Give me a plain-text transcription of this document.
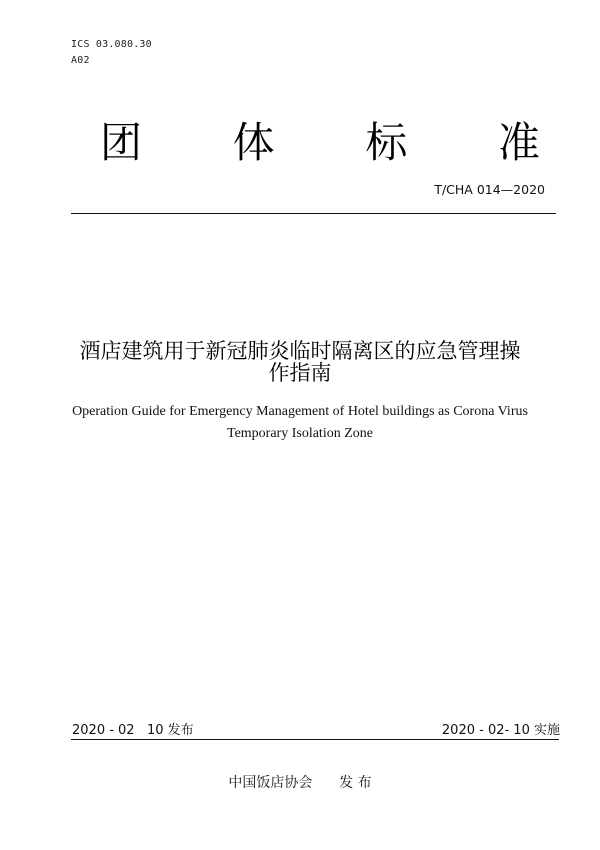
ICS 03.080.30
A02
团 体 标 准
T/CHA 014—2020
酒店建筑用于新冠肺炎临时隔离区的应急管理操
作指南
Operation Guide for Emergency Management of Hotel buildings as Corona Virus
Temporary Isolation Zone
2020 - 02   10 发布	2020 - 02- 10 实施
中国饭店协会      发 布
